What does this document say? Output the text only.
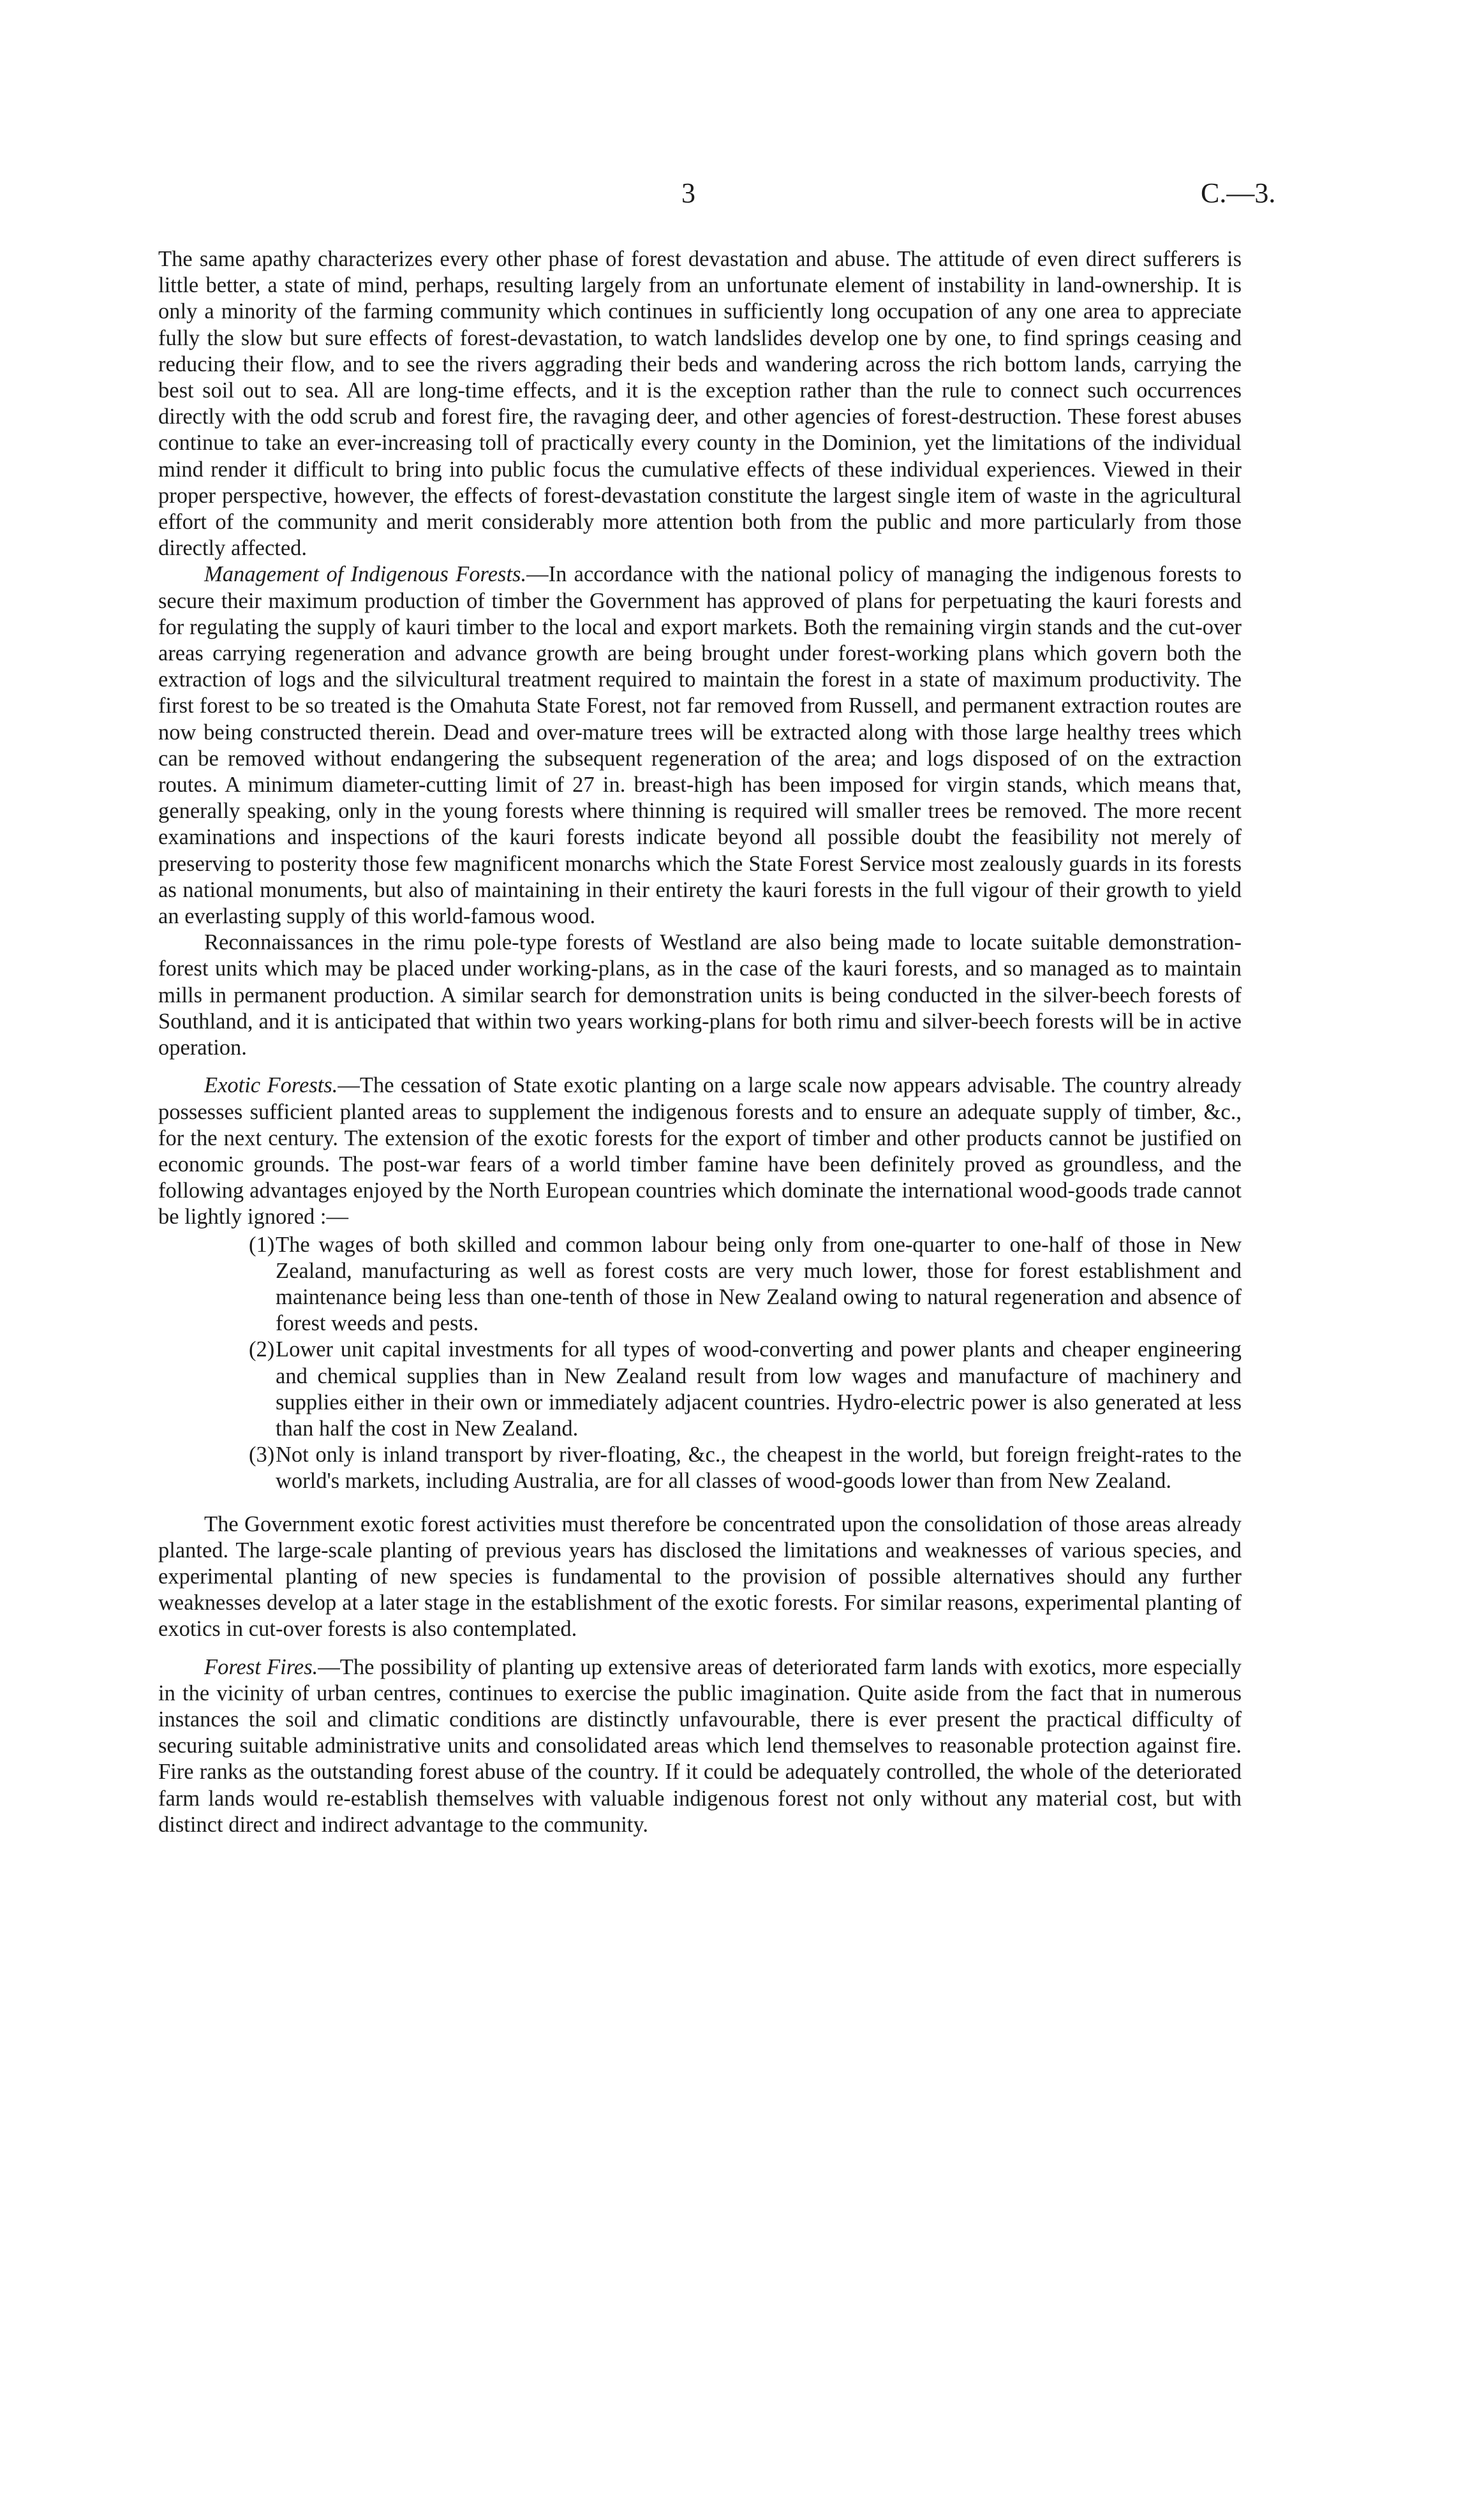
3	C.—3.

The same apathy characterizes every other phase of forest devastation and abuse. The attitude of even direct sufferers is little better, a state of mind, perhaps, resulting largely from an unfortunate element of instability in land-ownership. It is only a minority of the farming community which continues in sufficiently long occupation of any one area to appreciate fully the slow but sure effects of forest-devastation, to watch landslides develop one by one, to find springs ceasing and reducing their flow, and to see the rivers aggrading their beds and wandering across the rich bottom lands, carrying the best soil out to sea. All are long-time effects, and it is the exception rather than the rule to connect such occurrences directly with the odd scrub and forest fire, the ravaging deer, and other agencies of forest-destruction. These forest abuses continue to take an ever-increasing toll of practically every county in the Dominion, yet the limitations of the individual mind render it difficult to bring into public focus the cumulative effects of these individual experiences. Viewed in their proper perspective, however, the effects of forest-devastation constitute the largest single item of waste in the agricultural effort of the community and merit considerably more attention both from the public and more particularly from those directly affected.

Management of Indigenous Forests.—In accordance with the national policy of managing the indigenous forests to secure their maximum production of timber the Government has approved of plans for perpetuating the kauri forests and for regulating the supply of kauri timber to the local and export markets. Both the remaining virgin stands and the cut-over areas carrying regeneration and advance growth are being brought under forest-working plans which govern both the extraction of logs and the silvicultural treatment required to maintain the forest in a state of maximum productivity. The first forest to be so treated is the Omahuta State Forest, not far removed from Russell, and permanent extraction routes are now being constructed therein. Dead and over-mature trees will be extracted along with those large healthy trees which can be removed without endangering the subsequent regeneration of the area; and logs disposed of on the extraction routes. A minimum diameter-cutting limit of 27 in. breast-high has been imposed for virgin stands, which means that, generally speaking, only in the young forests where thinning is required will smaller trees be removed. The more recent examinations and inspections of the kauri forests indicate beyond all possible doubt the feasibility not merely of preserving to posterity those few magnificent monarchs which the State Forest Service most zealously guards in its forests as national monuments, but also of maintaining in their entirety the kauri forests in the full vigour of their growth to yield an everlasting supply of this world-famous wood.

Reconnaissances in the rimu pole-type forests of Westland are also being made to locate suitable demonstration-forest units which may be placed under working-plans, as in the case of the kauri forests, and so managed as to maintain mills in permanent production. A similar search for demonstration units is being conducted in the silver-beech forests of Southland, and it is anticipated that within two years working-plans for both rimu and silver-beech forests will be in active operation.

Exotic Forests.—The cessation of State exotic planting on a large scale now appears advisable. The country already possesses sufficient planted areas to supplement the indigenous forests and to ensure an adequate supply of timber, &c., for the next century. The extension of the exotic forests for the export of timber and other products cannot be justified on economic grounds. The post-war fears of a world timber famine have been definitely proved as groundless, and the following advantages enjoyed by the North European countries which dominate the international wood-goods trade cannot be lightly ignored :—

(1) The wages of both skilled and common labour being only from one-quarter to one-half of those in New Zealand, manufacturing as well as forest costs are very much lower, those for forest establishment and maintenance being less than one-tenth of those in New Zealand owing to natural regeneration and absence of forest weeds and pests.
(2) Lower unit capital investments for all types of wood-converting and power plants and cheaper engineering and chemical supplies than in New Zealand result from low wages and manufacture of machinery and supplies either in their own or immediately adjacent countries. Hydro-electric power is also generated at less than half the cost in New Zealand.
(3) Not only is inland transport by river-floating, &c., the cheapest in the world, but foreign freight-rates to the world's markets, including Australia, are for all classes of wood-goods lower than from New Zealand.

The Government exotic forest activities must therefore be concentrated upon the consolidation of those areas already planted. The large-scale planting of previous years has disclosed the limitations and weaknesses of various species, and experimental planting of new species is fundamental to the provision of possible alternatives should any further weaknesses develop at a later stage in the establishment of the exotic forests. For similar reasons, experimental planting of exotics in cut-over forests is also contemplated.

Forest Fires.—The possibility of planting up extensive areas of deteriorated farm lands with exotics, more especially in the vicinity of urban centres, continues to exercise the public imagination. Quite aside from the fact that in numerous instances the soil and climatic conditions are distinctly unfavourable, there is ever present the practical difficulty of securing suitable administrative units and consolidated areas which lend themselves to reasonable protection against fire. Fire ranks as the outstanding forest abuse of the country. If it could be adequately controlled, the whole of the deteriorated farm lands would re-establish themselves with valuable indigenous forest not only without any material cost, but with distinct direct and indirect advantage to the community.
